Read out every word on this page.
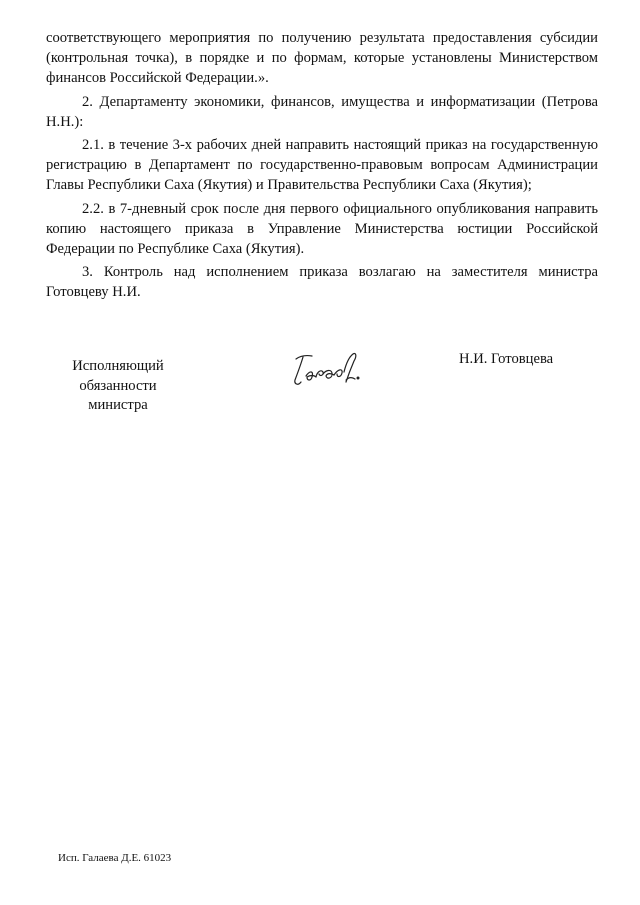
соответствующего мероприятия по получению результата предоставления субсидии (контрольная точка), в порядке и по формам, которые установлены Министерством финансов Российской Федерации.».

2. Департаменту экономики, финансов, имущества и информатизации (Петрова Н.Н.):

2.1. в течение 3-х рабочих дней направить настоящий приказ на государственную регистрацию в Департамент по государственно-правовым вопросам Администрации Главы Республики Саха (Якутия) и Правительства Республики Саха (Якутия);

2.2. в 7-дневный срок после дня первого официального опубликования направить копию настоящего приказа в Управление Министерства юстиции Российской Федерации по Республике Саха (Якутия).

3. Контроль над исполнением приказа возлагаю на заместителя министра Готовцеву Н.И.

Исполняющий
обязанности
министра
Н.И. Готовцева
Исп. Галаева Д.Е. 61023
